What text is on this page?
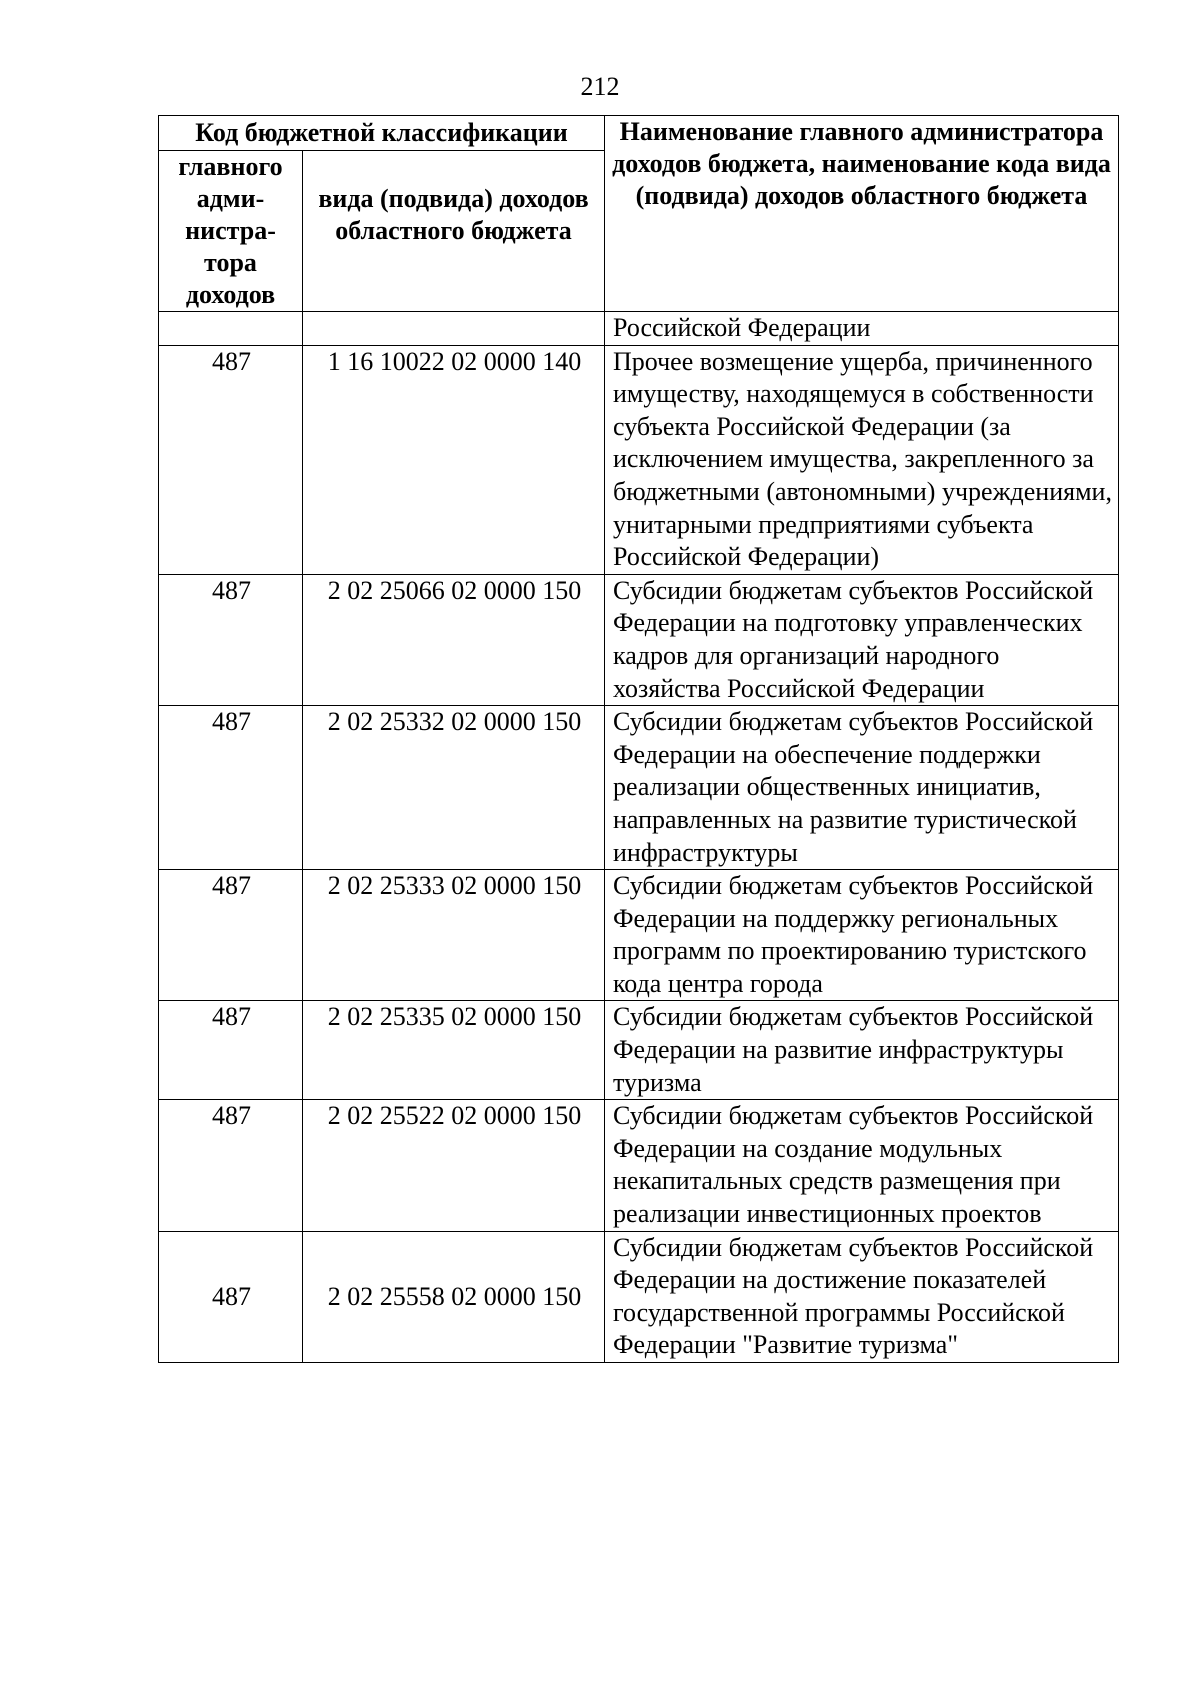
212
Код бюджетной классификации		Наименование главного администратора доходов бюджета, наименование кода вида (подвида) доходов областного бюджета
главного адми- нистра- тора доходов	вида (подвида) доходов областного бюджета	
		Российской Федерации
487	1 16 10022 02 0000 140	Прочее возмещение ущерба, причиненного имуществу, находящемуся в собственности субъекта Российской Федерации (за исключением имущества, закрепленного за бюджетными (автономными) учреждениями, унитарными предприятиями субъекта Российской Федерации)
487	2 02 25066 02 0000 150	Субсидии бюджетам субъектов Российской Федерации на подготовку управленческих кадров для организаций народного хозяйства Российской Федерации
487	2 02 25332 02 0000 150	Субсидии бюджетам субъектов Российской Федерации на обеспечение поддержки реализации общественных инициатив, направленных на развитие туристической инфраструктуры
487	2 02 25333 02 0000 150	Субсидии бюджетам субъектов Российской Федерации на поддержку региональных программ по проектированию туристского кода центра города
487	2 02 25335 02 0000 150	Субсидии бюджетам субъектов Российской Федерации на развитие инфраструктуры туризма
487	2 02 25522 02 0000 150	Субсидии бюджетам субъектов Российской Федерации на создание модульных некапитальных средств размещения при реализации инвестиционных проектов
487	2 02 25558 02 0000 150	Субсидии бюджетам субъектов Российской Федерации на достижение показателей государственной программы Российской Федерации "Развитие туризма"
